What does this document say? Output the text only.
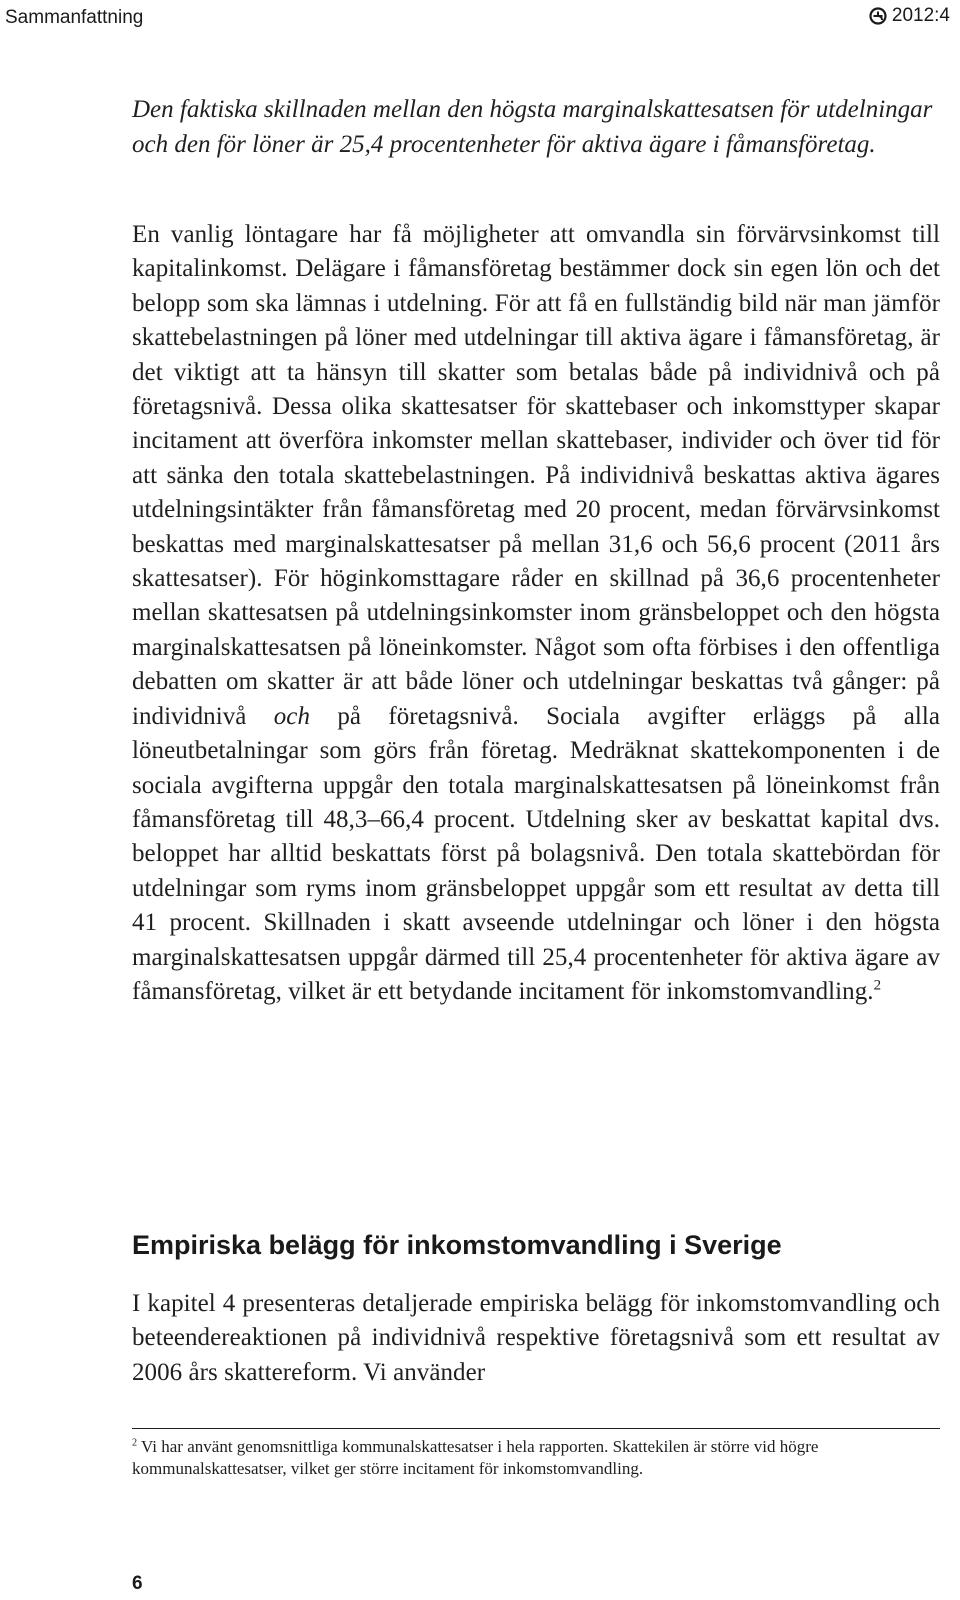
Sammanfattning	2012:4

Den faktiska skillnaden mellan den högsta marginalskattesatsen för utdelningar och den för löner är 25,4 procentenheter för aktiva ägare i fåmansföretag.

En vanlig löntagare har få möjligheter att omvandla sin förvärvsinkomst till kapitalinkomst. Delägare i fåmansföretag bestämmer dock sin egen lön och det belopp som ska lämnas i utdelning. För att få en fullständig bild när man jämför skattebelastningen på löner med utdelningar till aktiva ägare i fåmansföretag, är det viktigt att ta hänsyn till skatter som betalas både på individnivå och på företagsnivå. Dessa olika skattesatser för skattebaser och inkomsttyper skapar incitament att överföra inkomster mellan skattebaser, individer och över tid för att sänka den totala skattebelastningen. På individnivå beskattas aktiva ägares utdelningsintäkter från fåmansföretag med 20 procent, medan förvärvsinkomst beskattas med marginalskattesatser på mellan 31,6 och 56,6 procent (2011 års skattesatser). För höginkomsttagare råder en skillnad på 36,6 procentenheter mellan skattesatsen på utdelningsinkomster inom gränsbeloppet och den högsta marginalskattesatsen på löneinkomster. Något som ofta förbises i den offentliga debatten om skatter är att både löner och utdelningar beskattas två gånger: på individnivå och på företagsnivå. Sociala avgifter erläggs på alla löneutbetalningar som görs från företag. Medräknat skattekomponenten i de sociala avgifterna uppgår den totala marginalskattesatsen på löneinkomst från fåmansföretag till 48,3–66,4 procent. Utdelning sker av beskattat kapital dvs. beloppet har alltid beskattats först på bolagsnivå. Den totala skattebördan för utdelningar som ryms inom gränsbeloppet uppgår som ett resultat av detta till 41 procent. Skillnaden i skatt avseende utdelningar och löner i den högsta marginalskattesatsen uppgår därmed till 25,4 procentenheter för aktiva ägare av fåmansföretag, vilket är ett betydande incitament för inkomstomvandling.$^2$

Empiriska belägg för inkomstomvandling i Sverige

I kapitel 4 presenteras detaljerade empiriska belägg för inkomstomvandling och beteendereaktionen på individnivå respektive företagsnivå som ett resultat av 2006 års skattereform. Vi använder

$^2$ Vi har använt genomsnittliga kommunalskattesatser i hela rapporten. Skattekilen är större vid högre kommunalskattesatser, vilket ger större incitament för inkomstomvandling.

6
